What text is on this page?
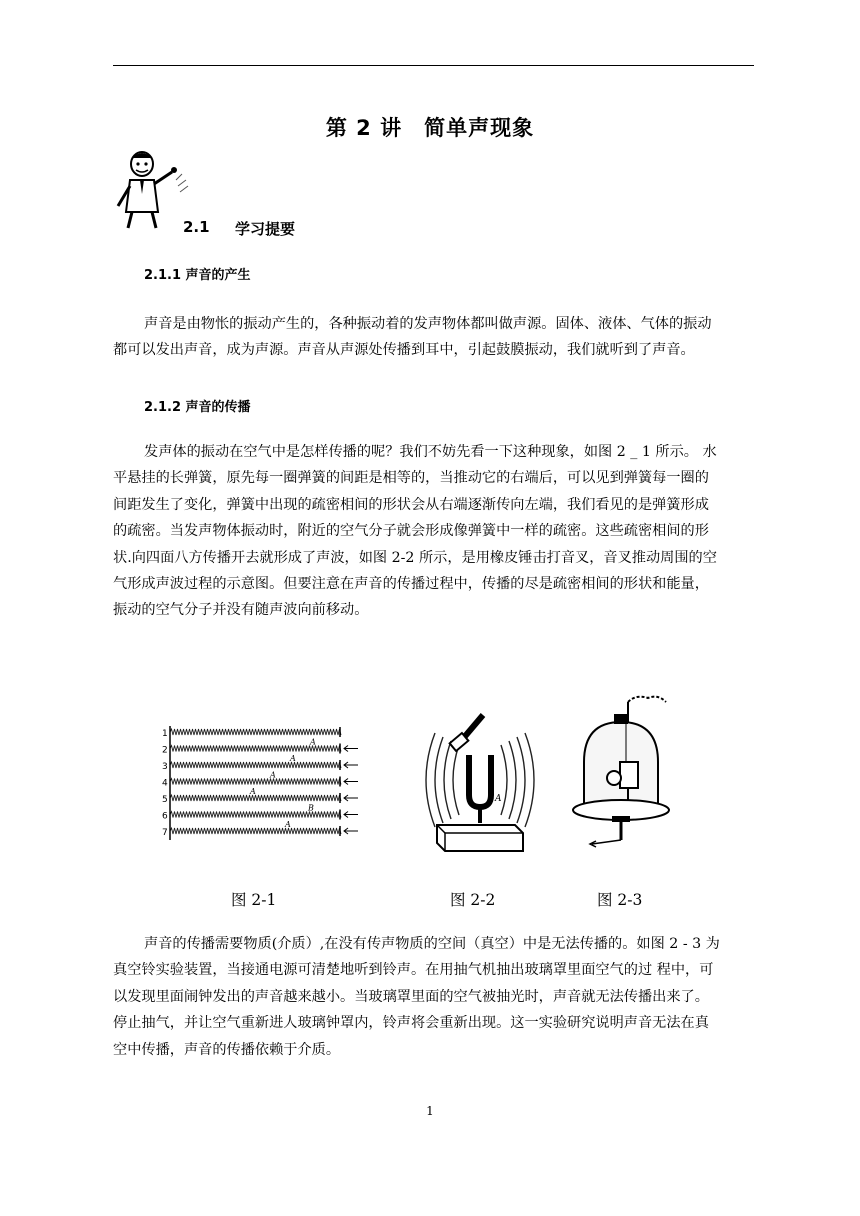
第 2 讲　简单声现象
2.1 学习提要
2.1.1 声音的产生
声音是由物怅的振动产生的，各种振动着的发声物体都叫做声源。固体、液体、气体的振动
都可以发出声音，成为声源。声音从声源处传播到耳中，引起鼓膜振动，我们就听到了声音。
2.1.2 声音的传播
发声体的振动在空气中是怎样传播的呢？我们不妨先看一下这种现象，如图 2 _ 1 所示。 水
平悬挂的长弹簧，原先每一圈弹簧的间距是相等的，当推动它的右端后，可以见到弹簧每一圈的
间距发生了变化，弹簧中出现的疏密相间的形状会从右端逐渐传向左端，我们看见的是弹簧形成
的疏密。当发声物体振动时，附近的空气分子就会形成像弹簧中一样的疏密。这些疏密相间的形
状.向四面八方传播开去就形成了声波，如图 2-2 所示，是用橡皮锤击打音叉，音叉推动周围的空
气形成声波过程的示意图。但要注意在声音的传播过程中，传播的尽是疏密相间的形状和能量，
振动的空气分子并没有随声波向前移动。
1
2
A
3
A
4
A
5
A
6
B
7
A
A
图 2-1	图 2-2	图 2-3
声音的传播需要物质(介质）,在没有传声物质的空间（真空）中是无法传播的。如图 2 - 3 为
真空铃实验装置，当接通电源可清楚地听到铃声。在用抽气机抽出玻璃罩里面空气的过 程中，可
以发现里面闹钟发出的声音越来越小。当玻璃罩里面的空气被抽光时，声音就无法传播出来了。
停止抽气，并让空气重新进人玻璃钟罩内，铃声将会重新出现。这一实验研究说明声音无法在真
空中传播，声音的传播依赖于介质。
1
